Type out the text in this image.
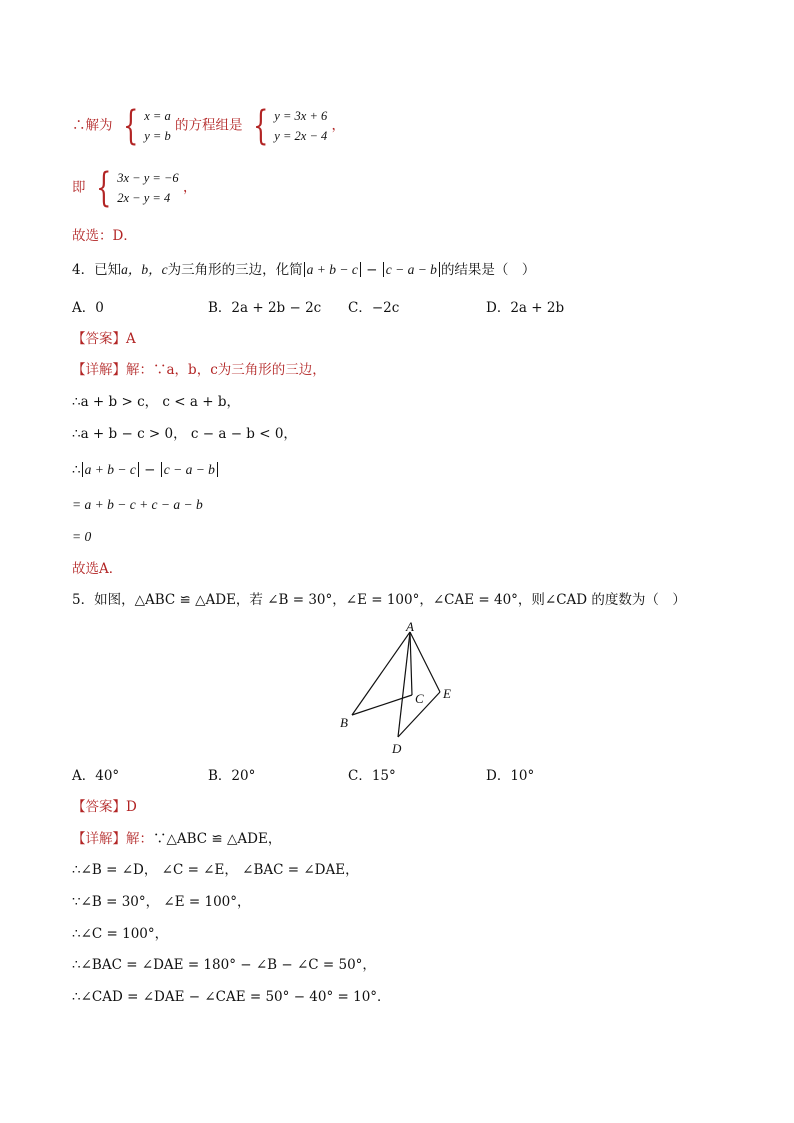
∴解为 { x = a
y = b
的方程组是 { y = 3x + 6
y = 2x − 4
，
即 { 3x − y = −6
2x − y = 4
，
故选：D．
4．已知a，b，c为三角形的三边，化简 a + b − c − c − a − b 的结果是（　）
A．0	B．2a + 2b − 2c C．−2c	D．2a + 2b
【答案】A
【详解】解：∵a，b，c为三角形的三边，
∴a + b > c， c < a + b，
∴a + b − c > 0， c − a − b < 0，
∴ a + b − c − c − a − b
= a + b − c + c − a − b
= 0
故选A．
5．如图，△ABC ≌ △ADE，若 ∠B = 30°，∠E = 100°，∠CAE = 40°，则∠CAD 的度数为（　）
A
B
C
D
E
A．40°	B．20°	C．15°	D．10°
【答案】D
【详解】解：∵△ABC ≌ △ADE，
∴∠B = ∠D， ∠C = ∠E， ∠BAC = ∠DAE，
∵∠B = 30°， ∠E = 100°，
∴∠C = 100°，
∴∠BAC = ∠DAE = 180° − ∠B − ∠C = 50°，
∴∠CAD = ∠DAE − ∠CAE = 50° − 40° = 10°．
